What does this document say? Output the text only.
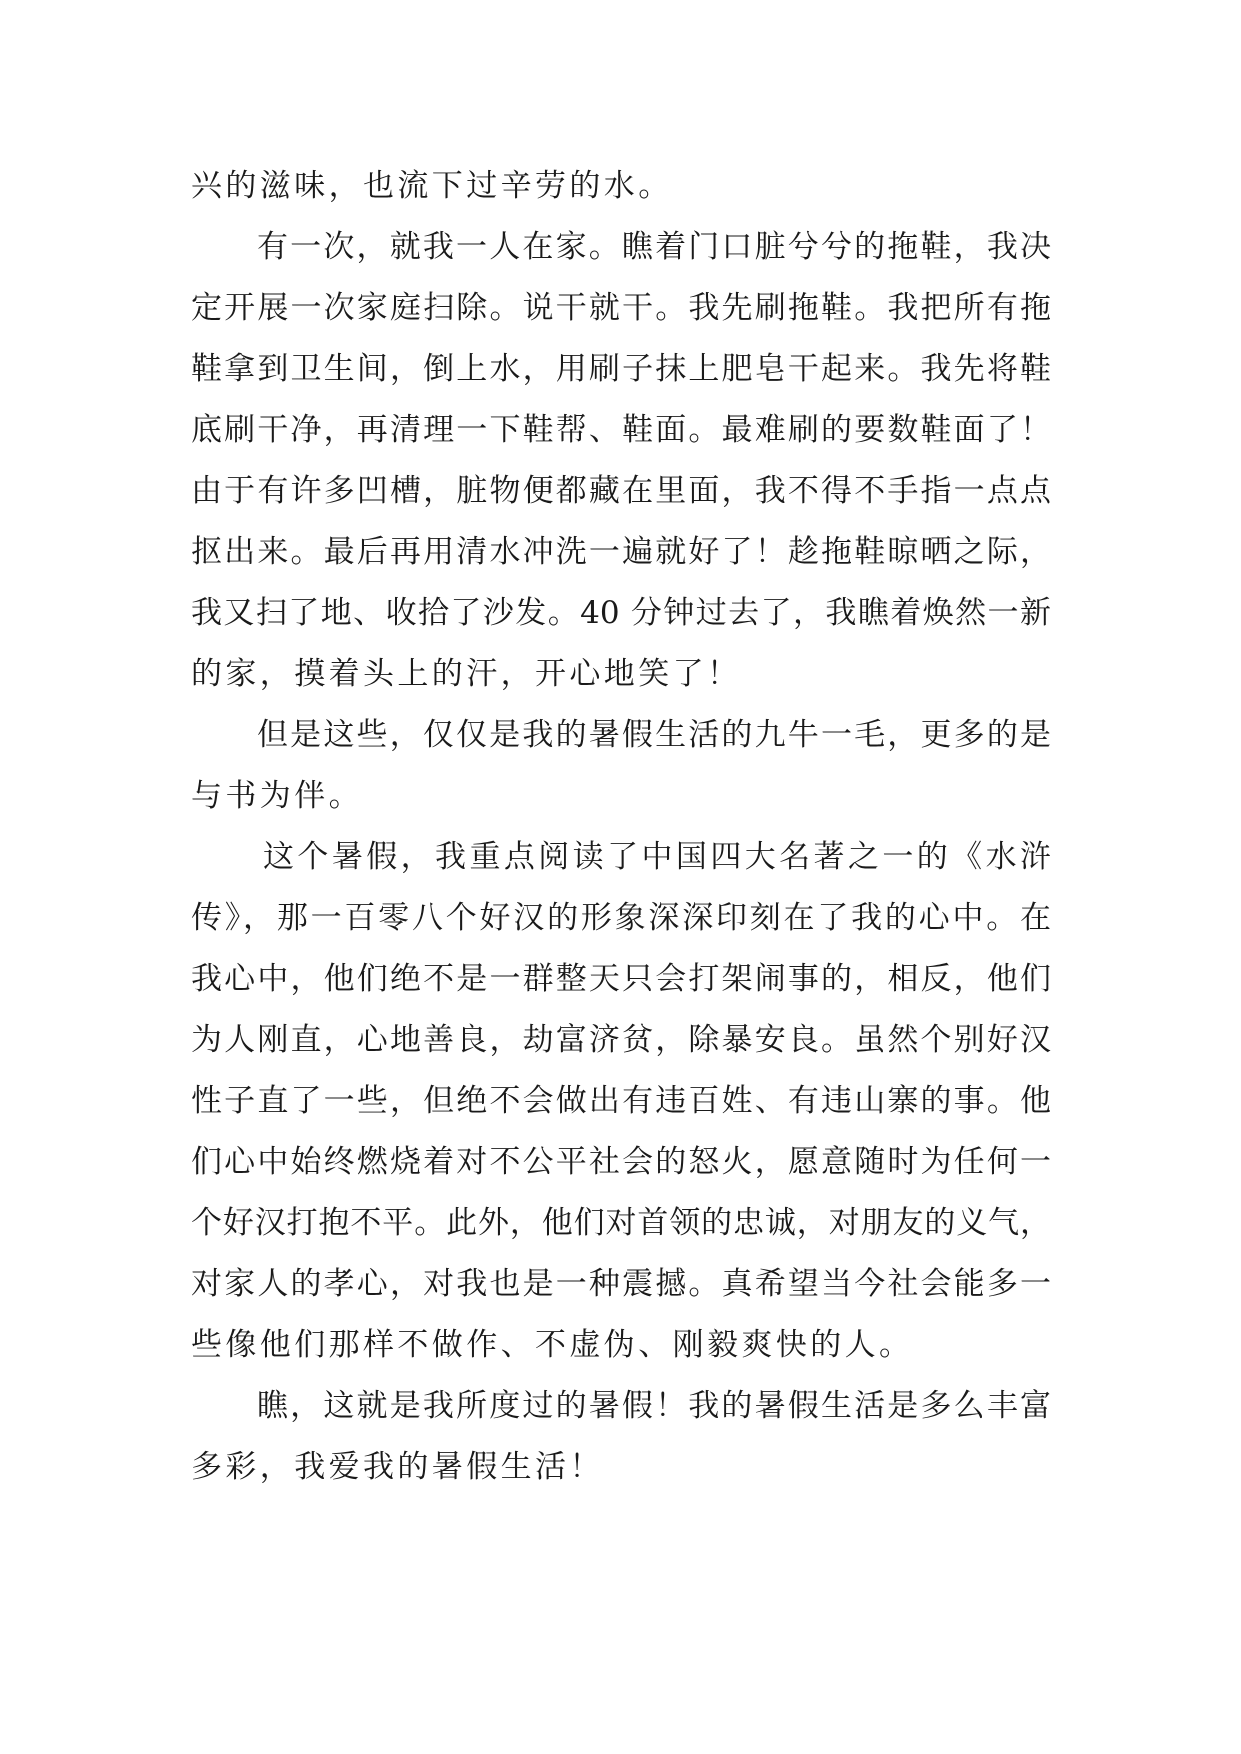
兴的滋味，也流下过辛劳的水。
有一次，就我一人在家。瞧着门口脏兮兮的拖鞋，我决
定开展一次家庭扫除。说干就干。我先刷拖鞋。我把所有拖
鞋拿到卫生间，倒上水，用刷子抹上肥皂干起来。我先将鞋
底刷干净，再清理一下鞋帮、鞋面。最难刷的要数鞋面了！
由于有许多凹槽，脏物便都藏在里面，我不得不手指一点点
抠出来。最后再用清水冲洗一遍就好了！趁拖鞋晾晒之际，
我又扫了地、收拾了沙发。40 分钟过去了，我瞧着焕然一新
的家，摸着头上的汗，开心地笑了！
但是这些，仅仅是我的暑假生活的九牛一毛，更多的是
与书为伴。
这个暑假，我重点阅读了中国四大名著之一的《水浒
传》，那一百零八个好汉的形象深深印刻在了我的心中。在
我心中，他们绝不是一群整天只会打架闹事的，相反，他们
为人刚直，心地善良，劫富济贫，除暴安良。虽然个别好汉
性子直了一些，但绝不会做出有违百姓、有违山寨的事。他
们心中始终燃烧着对不公平社会的怒火，愿意随时为任何一
个好汉打抱不平。此外，他们对首领的忠诚，对朋友的义气，
对家人的孝心，对我也是一种震撼。真希望当今社会能多一
些像他们那样不做作、不虚伪、刚毅爽快的人。
瞧，这就是我所度过的暑假！我的暑假生活是多么丰富
多彩，我爱我的暑假生活！
